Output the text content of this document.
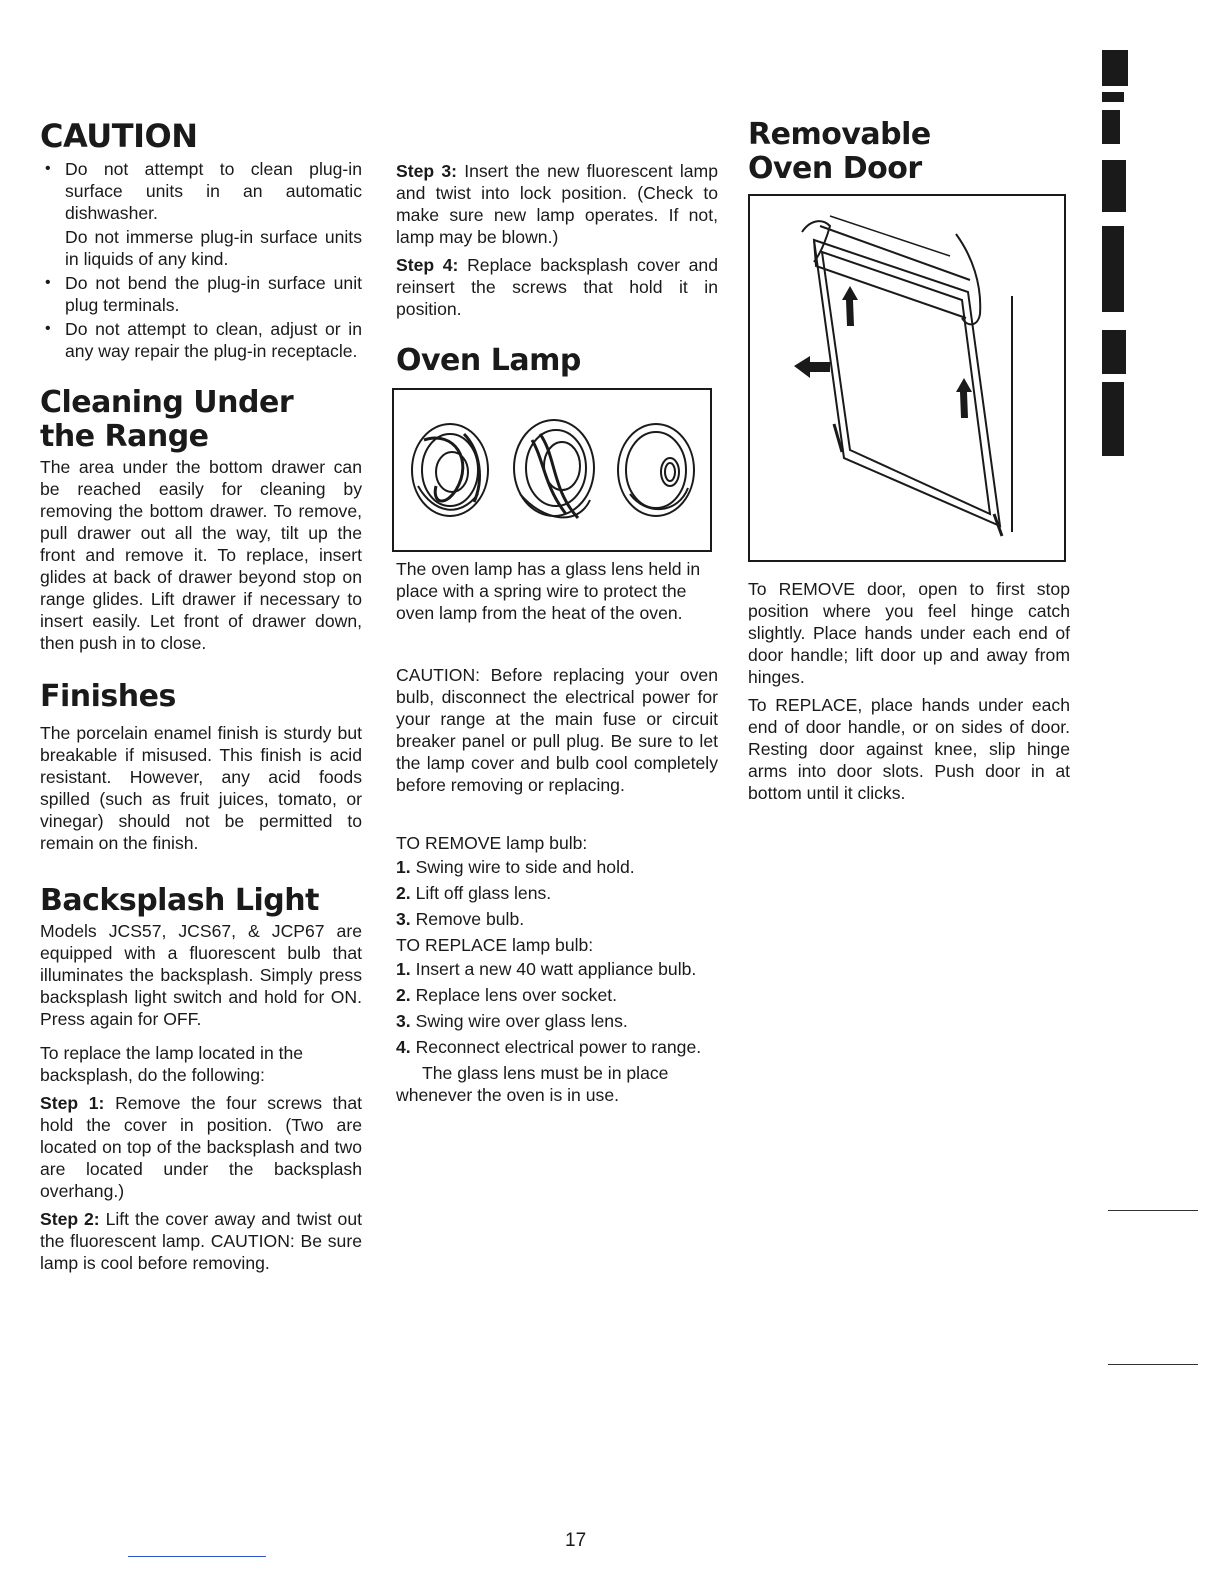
CAUTION
• Do not attempt to clean plug-in surface units in an automatic dishwasher.
Do not immerse plug-in surface units in liquids of any kind.
• Do not bend the plug-in surface unit plug terminals.
• Do not attempt to clean, adjust or in any way repair the plug-in receptacle.
Cleaning Under
the Range

The area under the bottom drawer can be reached easily for cleaning by removing the bottom drawer. To remove, pull drawer out all the way, tilt up the front and remove it. To replace, insert glides at back of drawer beyond stop on range glides. Lift drawer if necessary to insert easily. Let front of drawer down, then push in to close.

Finishes

The porcelain enamel finish is sturdy but breakable if misused. This finish is acid resistant. However, any acid foods spilled (such as fruit juices, tomato, or vinegar) should not be permitted to remain on the finish.

Backsplash Light

Models JCS57, JCS67, & JCP67 are equipped with a fluorescent bulb that illuminates the backsplash. Simply press backsplash light switch and hold for ON. Press again for OFF.

To replace the lamp located in the backsplash, do the following:

Step 1: Remove the four screws that hold the cover in position. (Two are located on top of the backsplash and two are located under the backsplash overhang.)

Step 2: Lift the cover away and twist out the fluorescent lamp. CAUTION: Be sure lamp is cool before removing.

Step 3: Insert the new fluorescent lamp and twist into lock position. (Check to make sure new lamp operates. If not, lamp may be blown.)

Step 4: Replace backsplash cover and reinsert the screws that hold it in position.

Oven Lamp

The oven lamp has a glass lens held in place with a spring wire to protect the oven lamp from the heat of the oven.

CAUTION: Before replacing your oven bulb, disconnect the electrical power for your range at the main fuse or circuit breaker panel or pull plug. Be sure to let the lamp cover and bulb cool completely before removing or replacing.

TO REMOVE lamp bulb:

1. Swing wire to side and hold.
2. Lift off glass lens.
3. Remove bulb.

TO REPLACE lamp bulb:

1. Insert a new 40 watt appliance bulb.
2. Replace lens over socket.
3. Swing wire over glass lens.
4. Reconnect electrical power to range.

The glass lens must be in place whenever the oven is in use.

Removable
Oven Door

To REMOVE door, open to first stop position where you feel hinge catch slightly. Place hands under each end of door handle; lift door up and away from hinges.

To REPLACE, place hands under each end of door handle, or on sides of door. Resting door against knee, slip hinge arms into door slots. Push door in at bottom until it clicks.

17
